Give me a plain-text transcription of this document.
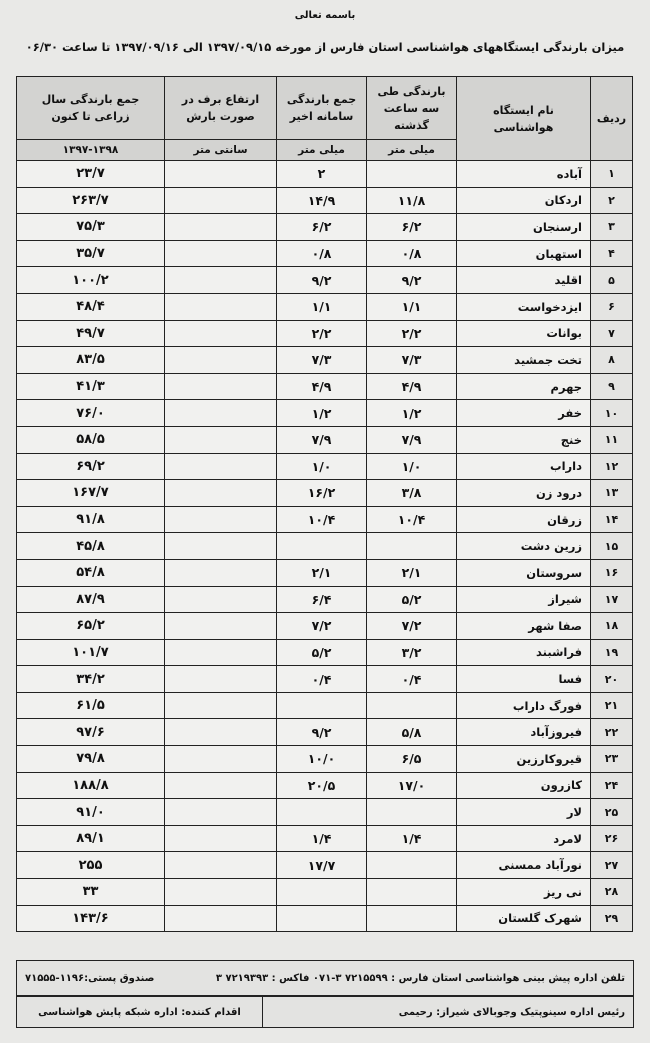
باسمه تعالی
میزان بارندگی ایستگاههای هواشناسی استان فارس از مورخه ۱۳۹۷/۰۹/۱۵ الی ۱۳۹۷/۰۹/۱۶ تا ساعت ۰۶/۳۰
ردیف	نام ایستگاه هواشناسی	بارندگی طی سه ساعت گذشته	جمع بارندگی سامانه اخیر	ارتفاع برف در صورت بارش	جمع بارندگی سال زراعی تا کنون

		میلی متر	میلی متر	سانتی متر	۱۳۹۷-۱۳۹۸
۱	آباده		۲		۲۳/۷
۲	اردکان	۱۱/۸	۱۴/۹		۲۶۳/۷
۳	ارسنجان	۶/۲	۶/۲		۷۵/۳
۴	استهبان	۰/۸	۰/۸		۳۵/۷
۵	اقلید	۹/۲	۹/۲		۱۰۰/۲
۶	ایزدخواست	۱/۱	۱/۱		۴۸/۴
۷	بوانات	۲/۲	۲/۲		۴۹/۷
۸	تخت جمشید	۷/۳	۷/۳		۸۳/۵
۹	جهرم	۴/۹	۴/۹		۴۱/۳
۱۰	خفر	۱/۲	۱/۲		۷۶/۰
۱۱	خنج	۷/۹	۷/۹		۵۸/۵
۱۲	داراب	۱/۰	۱/۰		۶۹/۲
۱۳	درود زن	۳/۸	۱۶/۲		۱۶۷/۷
۱۴	زرقان	۱۰/۴	۱۰/۴		۹۱/۸
۱۵	زرین دشت				۴۵/۸
۱۶	سروستان	۲/۱	۲/۱		۵۴/۸
۱۷	شیراز	۵/۲	۶/۴		۸۷/۹
۱۸	صفا شهر	۷/۲	۷/۲		۶۵/۲
۱۹	فراشبند	۳/۲	۵/۲		۱۰۱/۷
۲۰	فسا	۰/۴	۰/۴		۳۴/۲
۲۱	فورگ داراب				۶۱/۵
۲۲	فیروزآباد	۵/۸	۹/۲		۹۷/۶
۲۳	قیروکارزین	۶/۵	۱۰/۰		۷۹/۸
۲۴	کازرون	۱۷/۰	۲۰/۵		۱۸۸/۸
۲۵	لار				۹۱/۰
۲۶	لامرد	۱/۴	۱/۴		۸۹/۱
۲۷	نورآباد ممسنی		۱۷/۷		۲۵۵
۲۸	نی ریز				۳۳
۲۹	شهرک گلستان				۱۴۳/۶
تلفن اداره پیش بینی هواشناسی استان فارس : ۷۲۱۵۵۹۹ ۳-۰۷۱ فاکس : ۷۲۱۹۳۹۳ ۳
صندوق پستی:۱۱۹۶-۷۱۵۵۵
رئیس اداره سینوپتیک وجوبالای شیراز: رحیمی
اقدام کننده: اداره شبکه پایش هواشناسی
